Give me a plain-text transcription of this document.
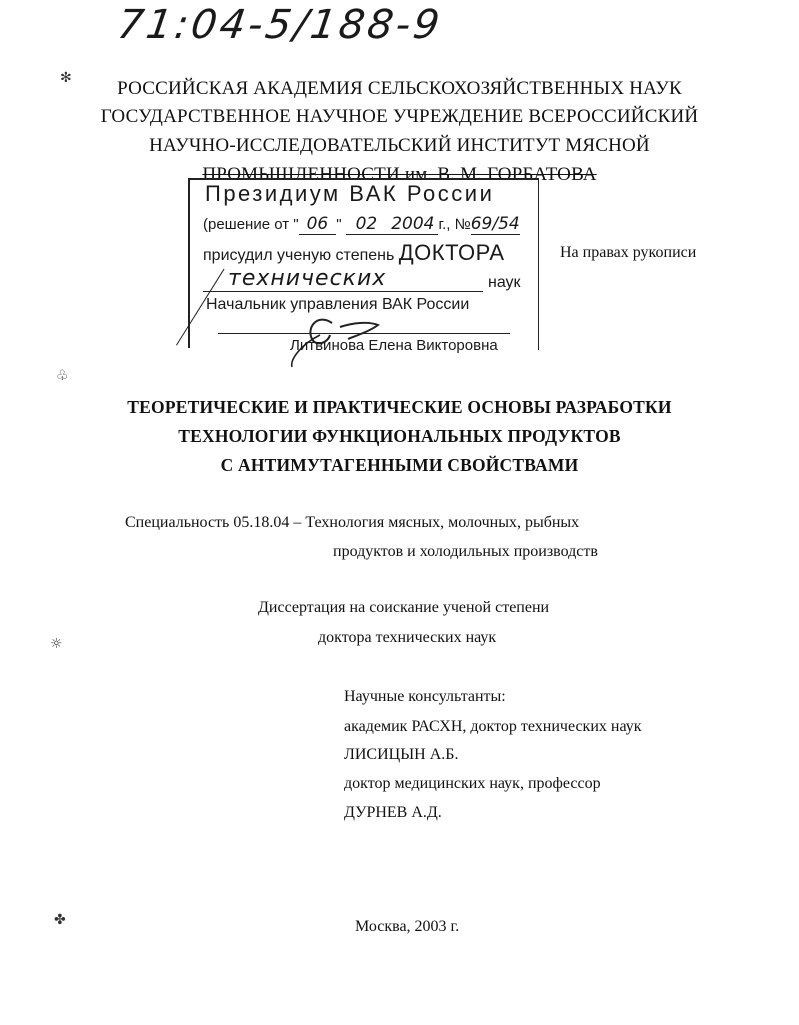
71:04-5/188-9
✻
♧
☼
✤
РОССИЙСКАЯ АКАДЕМИЯ СЕЛЬСКОХОЗЯЙСТВЕННЫХ НАУК
ГОСУДАРСТВЕННОЕ НАУЧНОЕ УЧРЕЖДЕНИЕ ВСЕРОССИЙСКИЙ
НАУЧНО-ИССЛЕДОВАТЕЛЬСКИЙ ИНСТИТУТ МЯСНОЙ
ПРОМЫШЛЕННОСТИ им. В. М. ГОРБАТОВА
Президиум ВАК России
(решение от " 06 " 02 2004 г., №69/54
присудил ученую степень ДОКТОРА
технических	наук
Начальник управления ВАК России
Литвинова Елена Викторовна
На правах рукописи
ТЕОРЕТИЧЕСКИЕ И ПРАКТИЧЕСКИЕ ОСНОВЫ РАЗРАБОТКИ
ТЕХНОЛОГИИ ФУНКЦИОНАЛЬНЫХ ПРОДУКТОВ
С АНТИМУТАГЕННЫМИ СВОЙСТВАМИ
Специальность 05.18.04 – Технология мясных, молочных, рыбных
продуктов и холодильных производств
Диссертация на соискание ученой степени
доктора технических наук
Научные консультанты:
академик РАСХН, доктор технических наук
ЛИСИЦЫН А.Б.
доктор медицинских наук, профессор
ДУРНЕВ А.Д.
Москва, 2003 г.
